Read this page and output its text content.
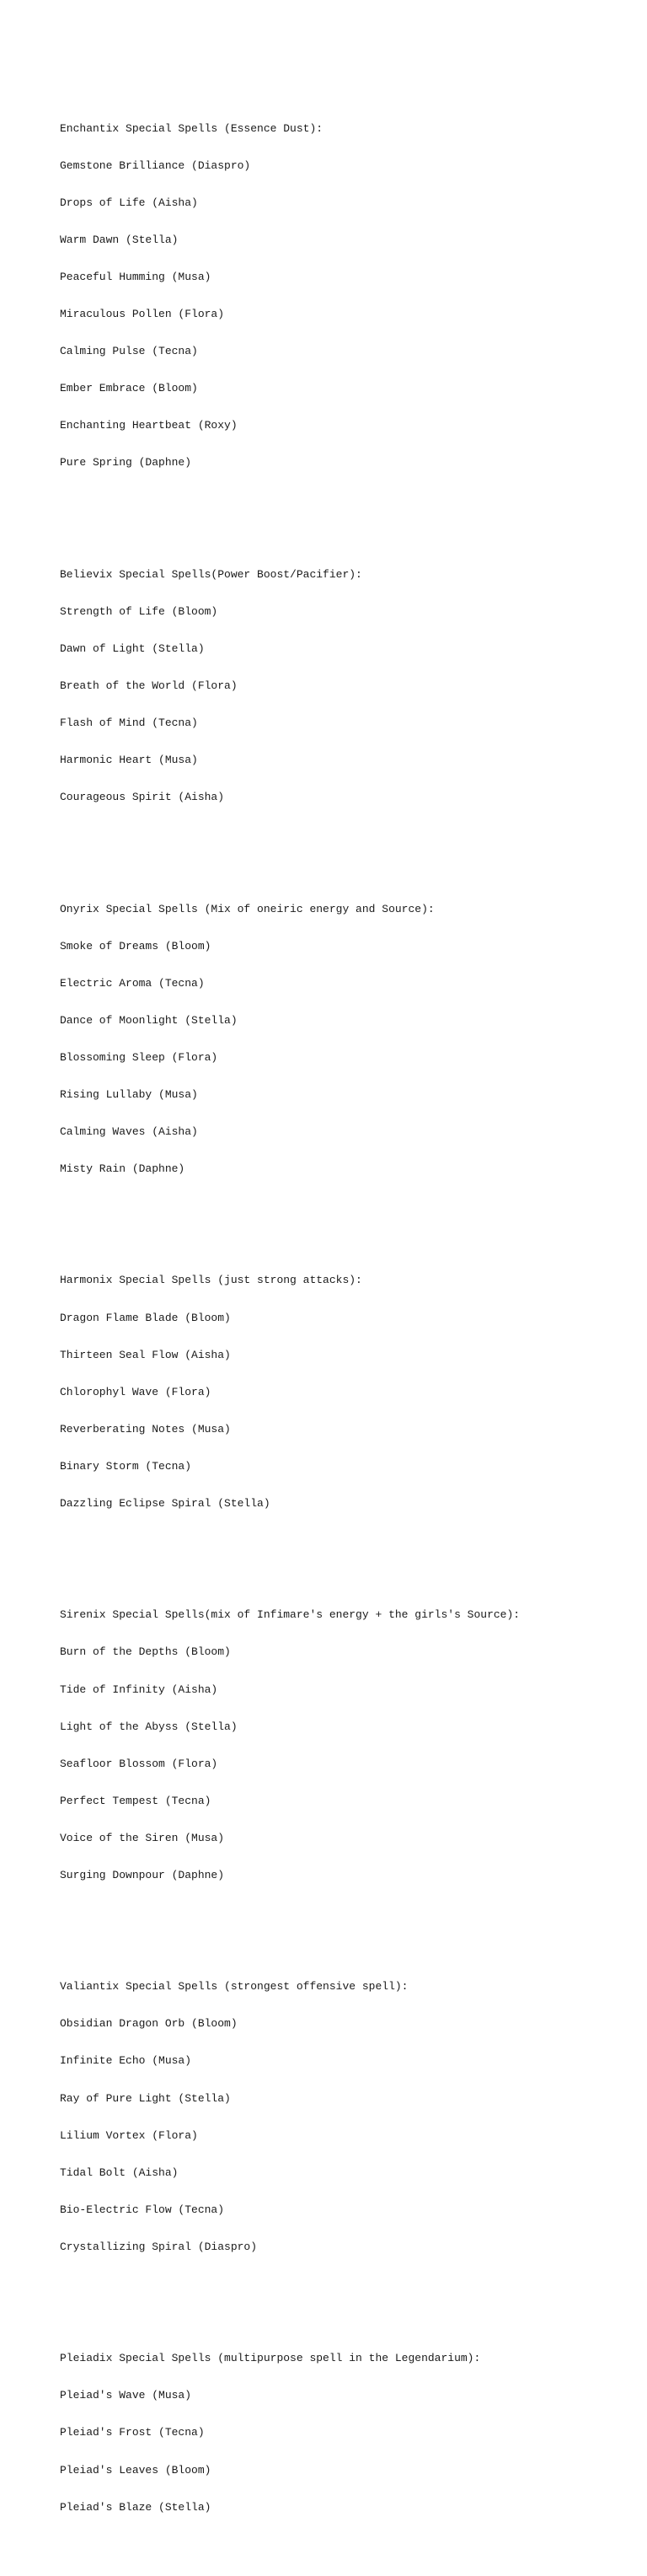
Enchantix Special Spells (Essence Dust):

Gemstone Brilliance (Diaspro)

Drops of Life (Aisha)

Warm Dawn (Stella)

Peaceful Humming (Musa)

Miraculous Pollen (Flora)

Calming Pulse (Tecna)

Ember Embrace (Bloom)

Enchanting Heartbeat (Roxy)

Pure Spring (Daphne)

Believix Special Spells(Power Boost/Pacifier):

Strength of Life (Bloom)

Dawn of Light (Stella)

Breath of the World (Flora)

Flash of Mind (Tecna)

Harmonic Heart (Musa)

Courageous Spirit (Aisha)

Onyrix Special Spells (Mix of oneiric energy and Source):

Smoke of Dreams (Bloom)

Electric Aroma (Tecna)

Dance of Moonlight (Stella)

Blossoming Sleep (Flora)

Rising Lullaby (Musa)

Calming Waves (Aisha)

Misty Rain (Daphne)

Harmonix Special Spells (just strong attacks):

Dragon Flame Blade (Bloom)

Thirteen Seal Flow (Aisha)

Chlorophyl Wave (Flora)

Reverberating Notes (Musa)

Binary Storm (Tecna)

Dazzling Eclipse Spiral (Stella)

Sirenix Special Spells(mix of Infimare's energy + the girls's Source):

Burn of the Depths (Bloom)

Tide of Infinity (Aisha)

Light of the Abyss (Stella)

Seafloor Blossom (Flora)

Perfect Tempest (Tecna)

Voice of the Siren (Musa)

Surging Downpour (Daphne)

Valiantix Special Spells (strongest offensive spell):

Obsidian Dragon Orb (Bloom)

Infinite Echo (Musa)

Ray of Pure Light (Stella)

Lilium Vortex (Flora)

Tidal Bolt (Aisha)

Bio-Electric Flow (Tecna)

Crystallizing Spiral (Diaspro)

Pleiadix Special Spells (multipurpose spell in the Legendarium):

Pleiad's Wave (Musa)

Pleiad's Frost (Tecna)

Pleiad's Leaves (Bloom)

Pleiad's Blaze (Stella)
